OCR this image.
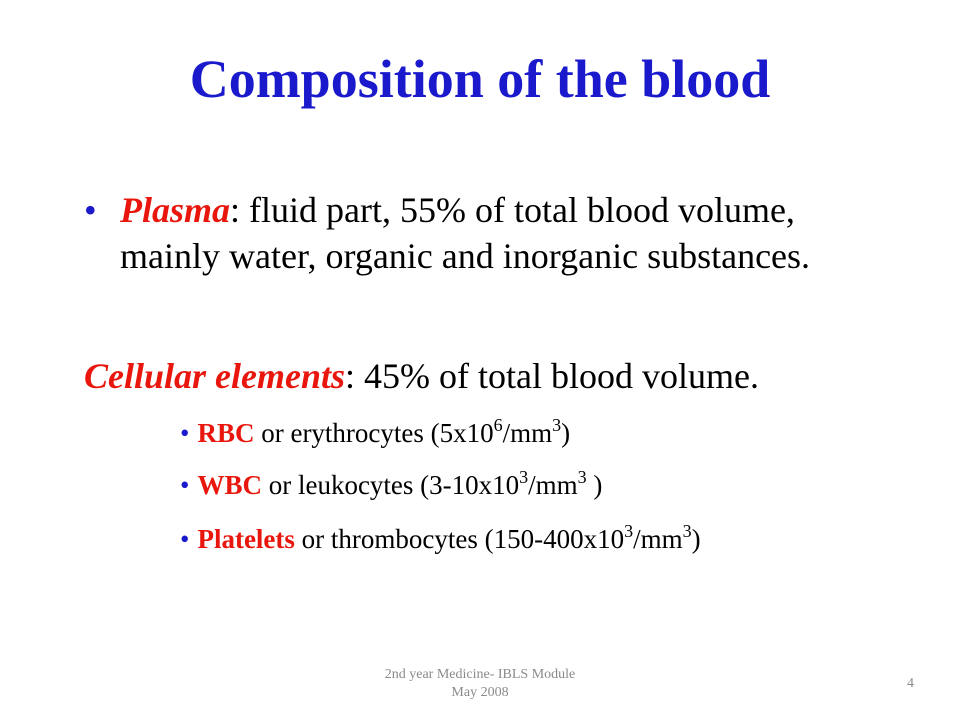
Composition of the blood
• Plasma: fluid part, 55% of total blood volume, mainly water, organic and inorganic substances.
Cellular elements: 45% of total blood volume.
• RBC or erythrocytes $(5x10^6/mm^3)$
• WBC or leukocytes ($3-10x10^3/mm^3$ )
• Platelets or thrombocytes $(150-400x10^3/mm^3)$
2nd year Medicine- IBLS Module
May 2008
4
